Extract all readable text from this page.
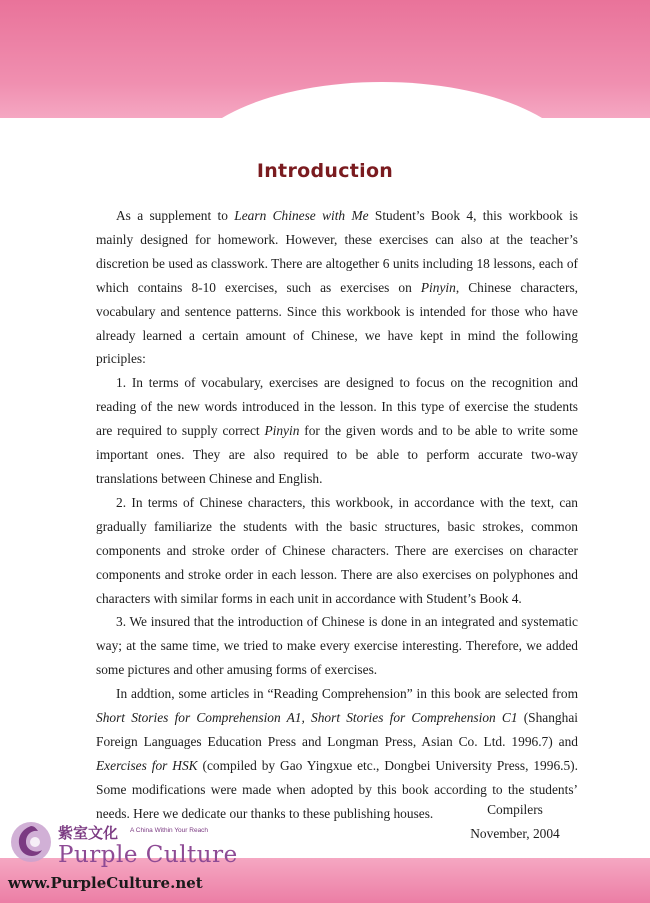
Introduction

As a supplement to Learn Chinese with Me Student’s Book 4, this workbook is mainly designed for homework. However, these exercises can also at the teacher’s discretion be used as classwork. There are altogether 6 units including 18 lessons, each of which contains 8-10 exercises, such as exercises on Pinyin, Chinese characters, vocabulary and sentence patterns. Since this workbook is intended for those who have already learned a certain amount of Chinese, we have kept in mind the following priciples:

1. In terms of vocabulary, exercises are designed to focus on the recognition and reading of the new words introduced in the lesson. In this type of exercise the students are required to supply correct Pinyin for the given words and to be able to write some important ones. They are also required to be able to perform accurate two-way translations between Chinese and English.

2. In terms of Chinese characters, this workbook, in accordance with the text, can gradually familiarize the students with the basic structures, basic strokes, common components and stroke order of Chinese characters. There are exercises on character components and stroke order in each lesson. There are also exercises on polyphones and characters with similar forms in each unit in accordance with Student’s Book 4.

3. We insured that the introduction of Chinese is done in an integrated and systematic way; at the same time, we tried to make every exercise interesting. Therefore, we added some pictures and other amusing forms of exercises.

In addtion, some articles in “Reading Comprehension” in this book are selected from Short Stories for Comprehension A1, Short Stories for Comprehension C1 (Shanghai Foreign Languages Education Press and Longman Press, Asian Co. Ltd. 1996.7) and Exercises for HSK (compiled by Gao Yingxue etc., Dongbei University Press, 1996.5). Some modifications were made when adopted by this book according to the students’ needs. Here we dedicate our thanks to these publishing houses.	Compilers
November, 2004
紫室文化 A China Within Your Reach
Purple Culture
www.PurpleCulture.net
